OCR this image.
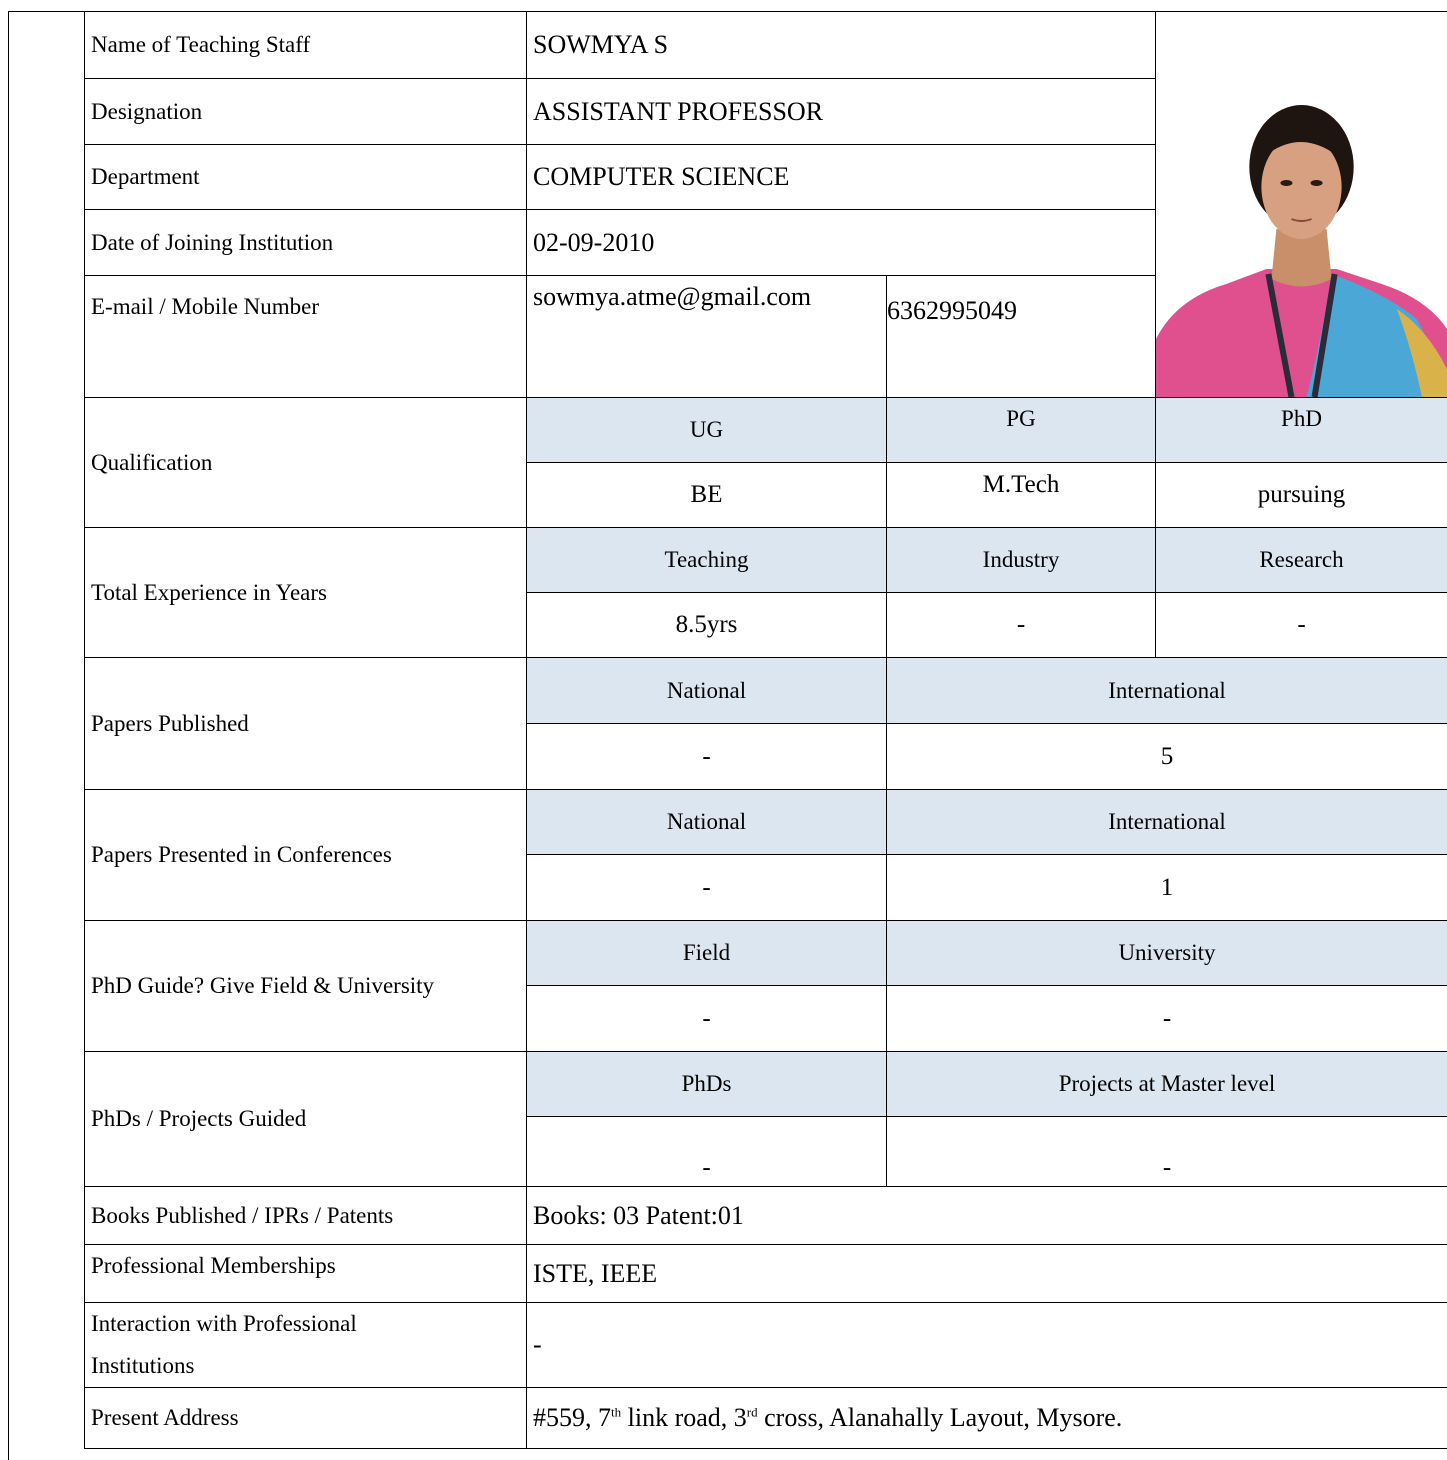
Name of Teaching Staff	SOWMYA S	

Designation	ASSISTANT PROFESSOR		
Department	COMPUTER SCIENCE		
Date of Joining Institution	02-09-2010		
E-mail / Mobile Number	sowmya.atme@gmail.com	6362995049	
Qualification	UG	PG	PhD
	BE	M.Tech	pursuing
Total Experience in Years	Teaching	Industry	Research
	8.5yrs	-	-
Papers Published	National	International	
	-	5	
Papers Presented in Conferences	National	International	
	-	1	
PhD Guide? Give Field & University	Field	University	
	-	-	
PhDs / Projects Guided	PhDs	Projects at Master level	
	-	-	
Books Published / IPRs / Patents	Books: 03 Patent:01		
Professional Memberships	ISTE, IEEE		
Interaction with Professional
Institutions	-		
Present Address	#559, 7th link road, 3rd cross, Alanahally Layout, Mysore.		
